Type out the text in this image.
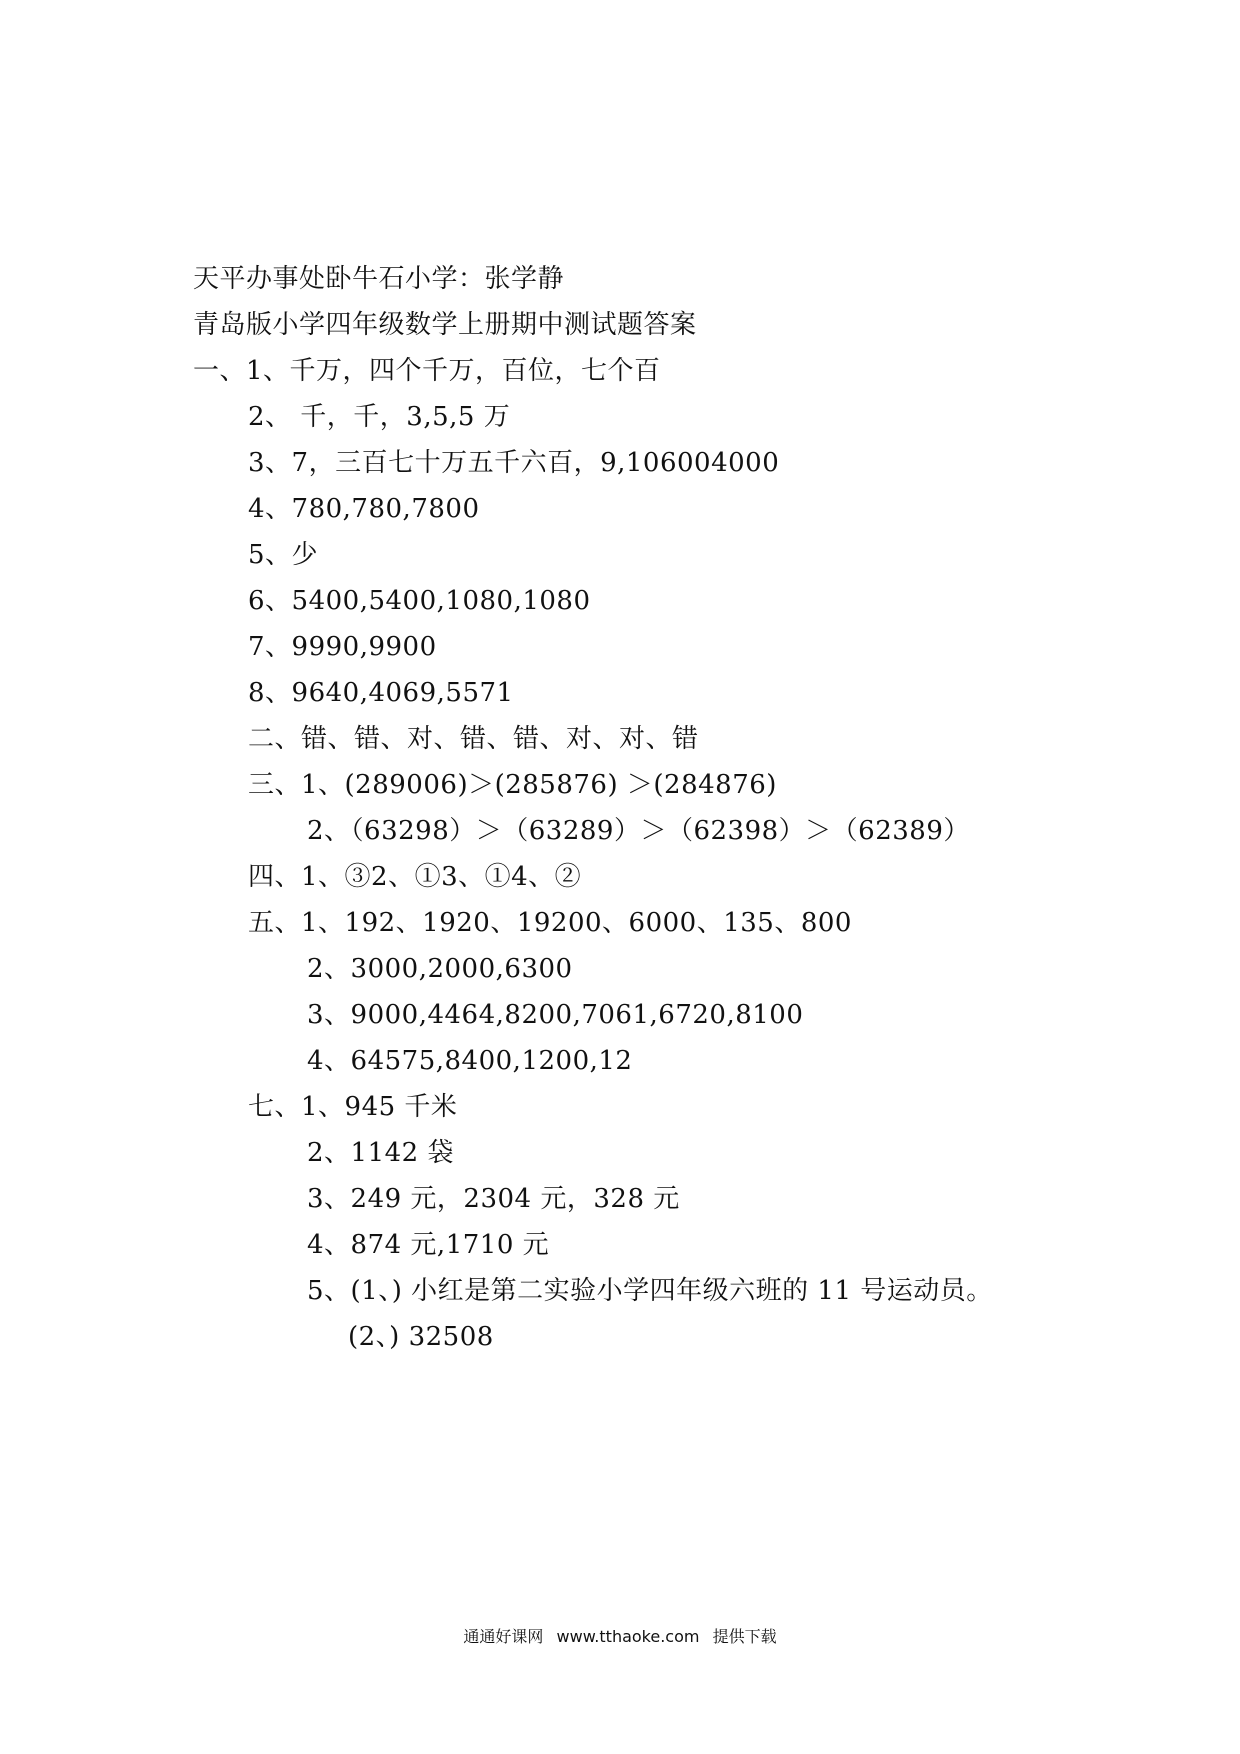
天平办事处卧牛石小学：张学静
青岛版小学四年级数学上册期中测试题答案
一、1、千万，四个千万，百位，七个百
2、 千，千，3,5,5 万
3、7，三百七十万五千六百，9,106004000
4、780,780,7800
5、少
6、5400,5400,1080,1080
7、9990,9900
8、9640,4069,5571
二、错、错、对、错、错、对、对、错
三、1、(289006)＞(285876) ＞(284876)
2、（63298）＞（63289）＞（62398）＞（62389）
四、1、③2、①3、①4、②
五、1、192、1920、19200、6000、135、800
2、3000,2000,6300
3、9000,4464,8200,7061,6720,8100
4、64575,8400,1200,12
七、1、945 千米
2、1142 袋
3、249 元，2304 元，328 元
4、874 元,1710 元
5、(1、) 小红是第二实验小学四年级六班的 11 号运动员。
(2、) 32508
通通好课网 www.tthaoke.com 提供下载
